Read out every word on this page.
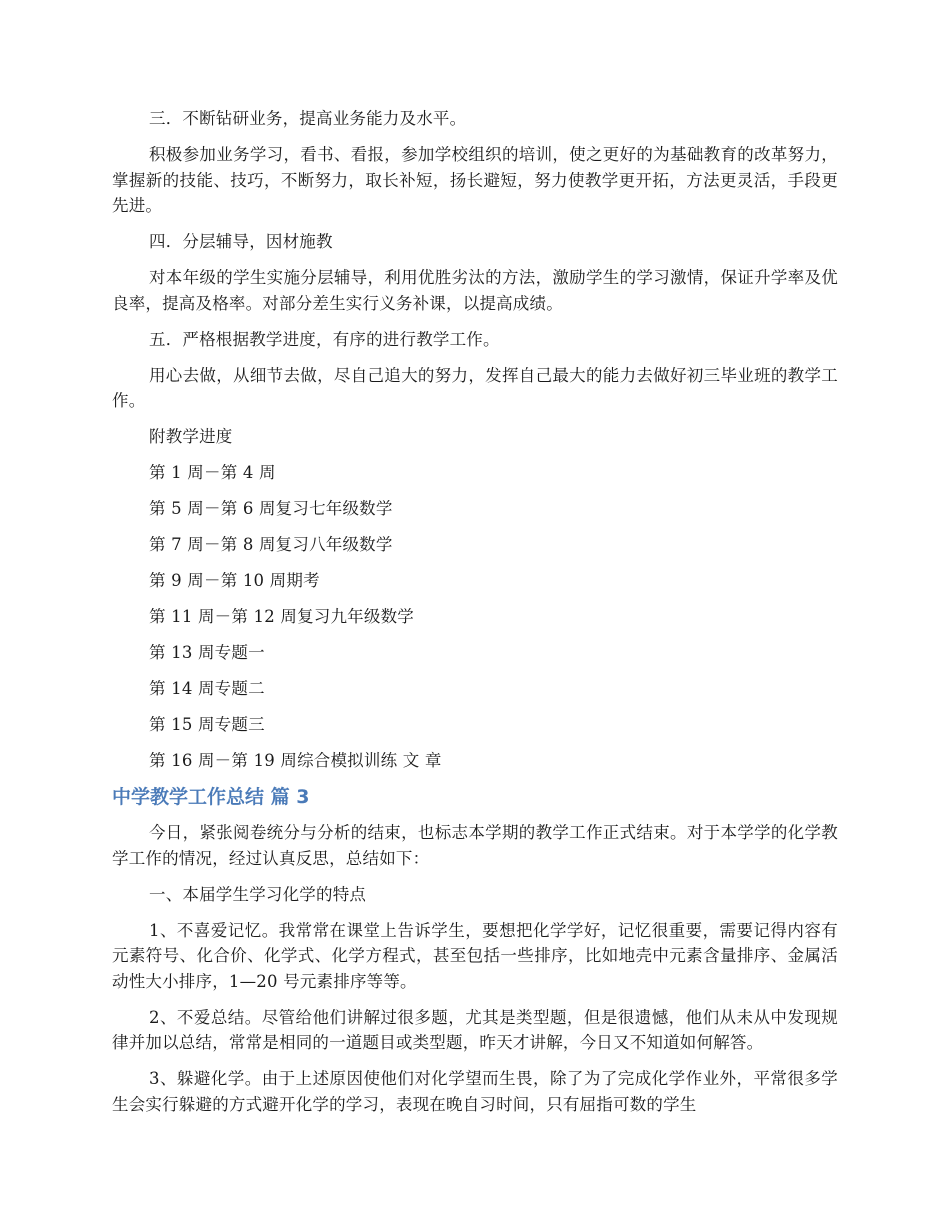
三．不断钻研业务，提高业务能力及水平。

积极参加业务学习，看书、看报，参加学校组织的培训，使之更好的为基础教育的改革努力，掌握新的技能、技巧，不断努力，取长补短，扬长避短，努力使教学更开拓，方法更灵活，手段更先进。

四．分层辅导，因材施教

对本年级的学生实施分层辅导，利用优胜劣汰的方法，激励学生的学习激情，保证升学率及优良率，提高及格率。对部分差生实行义务补课，以提高成绩。

五．严格根据教学进度，有序的进行教学工作。

用心去做，从细节去做，尽自己追大的努力，发挥自己最大的能力去做好初三毕业班的教学工作。

附教学进度

第 1 周－第 4 周

第 5 周－第 6 周复习七年级数学

第 7 周－第 8 周复习八年级数学

第 9 周－第 10 周期考

第 11 周－第 12 周复习九年级数学

第 13 周专题一

第 14 周专题二

第 15 周专题三

第 16 周－第 19 周综合模拟训练 文 章

中学教学工作总结 篇 3

今日，紧张阅卷统分与分析的结束，也标志本学期的教学工作正式结束。对于本学学的化学教学工作的情况，经过认真反思，总结如下：

一、本届学生学习化学的特点

1、不喜爱记忆。我常常在课堂上告诉学生，要想把化学学好，记忆很重要，需要记得内容有元素符号、化合价、化学式、化学方程式，甚至包括一些排序，比如地壳中元素含量排序、金属活动性大小排序，1—20 号元素排序等等。

2、不爱总结。尽管给他们讲解过很多题，尤其是类型题，但是很遗憾，他们从未从中发现规律并加以总结，常常是相同的一道题目或类型题，昨天才讲解，今日又不知道如何解答。

3、躲避化学。由于上述原因使他们对化学望而生畏，除了为了完成化学作业外，平常很多学生会实行躲避的方式避开化学的学习，表现在晚自习时间，只有屈指可数的学生
